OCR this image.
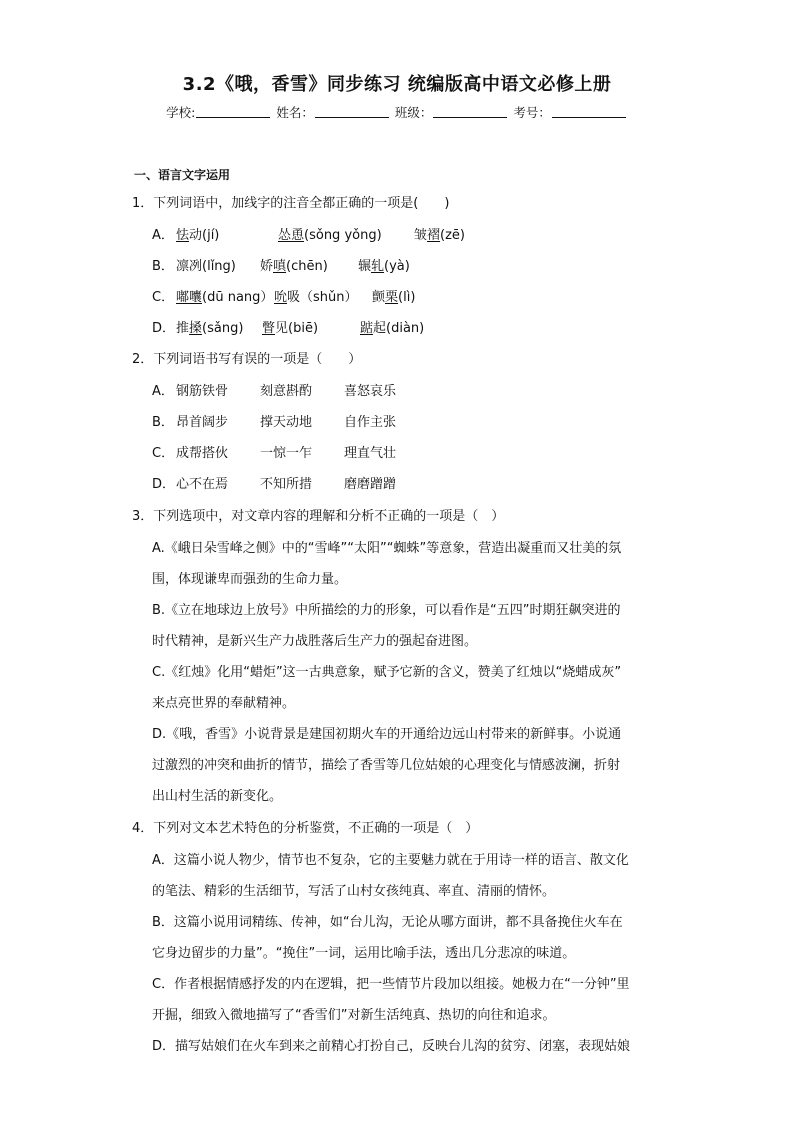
3.2《哦，香雪》同步练习 统编版高中语文必修上册
学校:	姓名：	班级：	考号：
一、语言文字运用
1．下列词语中，加线字的注音全都正确的一项是(　　)
A． 怯动(jí)	怂恿(sǒng yǒng) 皱褶(zē)
B． 凛冽(lǐng) 娇嗔(chēn) 辗轧(yà)
C． 嘟囔(dū nang） 吮吸（shǔn） 颤栗(lì)
D． 推搡(sǎng) 瞥见(biē)	踮起(diàn)
2．下列词语书写有误的一项是（　　）
A． 钢筋铁骨 刻意斟酌 喜怒哀乐
B． 昂首阔步 撑天动地 自作主张
C． 成帮搭伙 一惊一乍 理直气壮
D． 心不在焉 不知所措 磨磨蹭蹭
3．下列选项中，对文章内容的理解和分析不正确的一项是（　）
A.《峨日朵雪峰之侧》中的“雪峰”“太阳”“蜘蛛”等意象，营造出凝重而又壮美的氛
围，体现谦卑而强劲的生命力量。
B.《立在地球边上放号》中所描绘的力的形象，可以看作是“五四”时期狂飙突进的
时代精神，是新兴生产力战胜落后生产力的强起奋进图。
C.《红烛》化用“蜡炬”这一古典意象，赋予它新的含义，赞美了红烛以“烧蜡成灰”
来点亮世界的奉献精神。
D.《哦，香雪》小说背景是建国初期火车的开通给边远山村带来的新鲜事。小说通
过激烈的冲突和曲折的情节，描绘了香雪等几位姑娘的心理变化与情感波澜，折射
出山村生活的新变化。
4．下列对文本艺术特色的分析鉴赏，不正确的一项是（　）
A．这篇小说人物少，情节也不复杂，它的主要魅力就在于用诗一样的语言、散文化
的笔法、精彩的生活细节，写活了山村女孩纯真、率直、清丽的情怀。
B．这篇小说用词精练、传神，如“台儿沟，无论从哪方面讲，都不具备挽住火车在
它身边留步的力量”。“挽住”一词，运用比喻手法，透出几分悲凉的味道。
C．作者根据情感抒发的内在逻辑，把一些情节片段加以组接。她极力在“一分钟”里
开掘，细致入微地描写了“香雪们”对新生活纯真、热切的向往和追求。
D．描写姑娘们在火车到来之前精心打扮自己，反映台儿沟的贫穷、闭塞，表现姑娘
